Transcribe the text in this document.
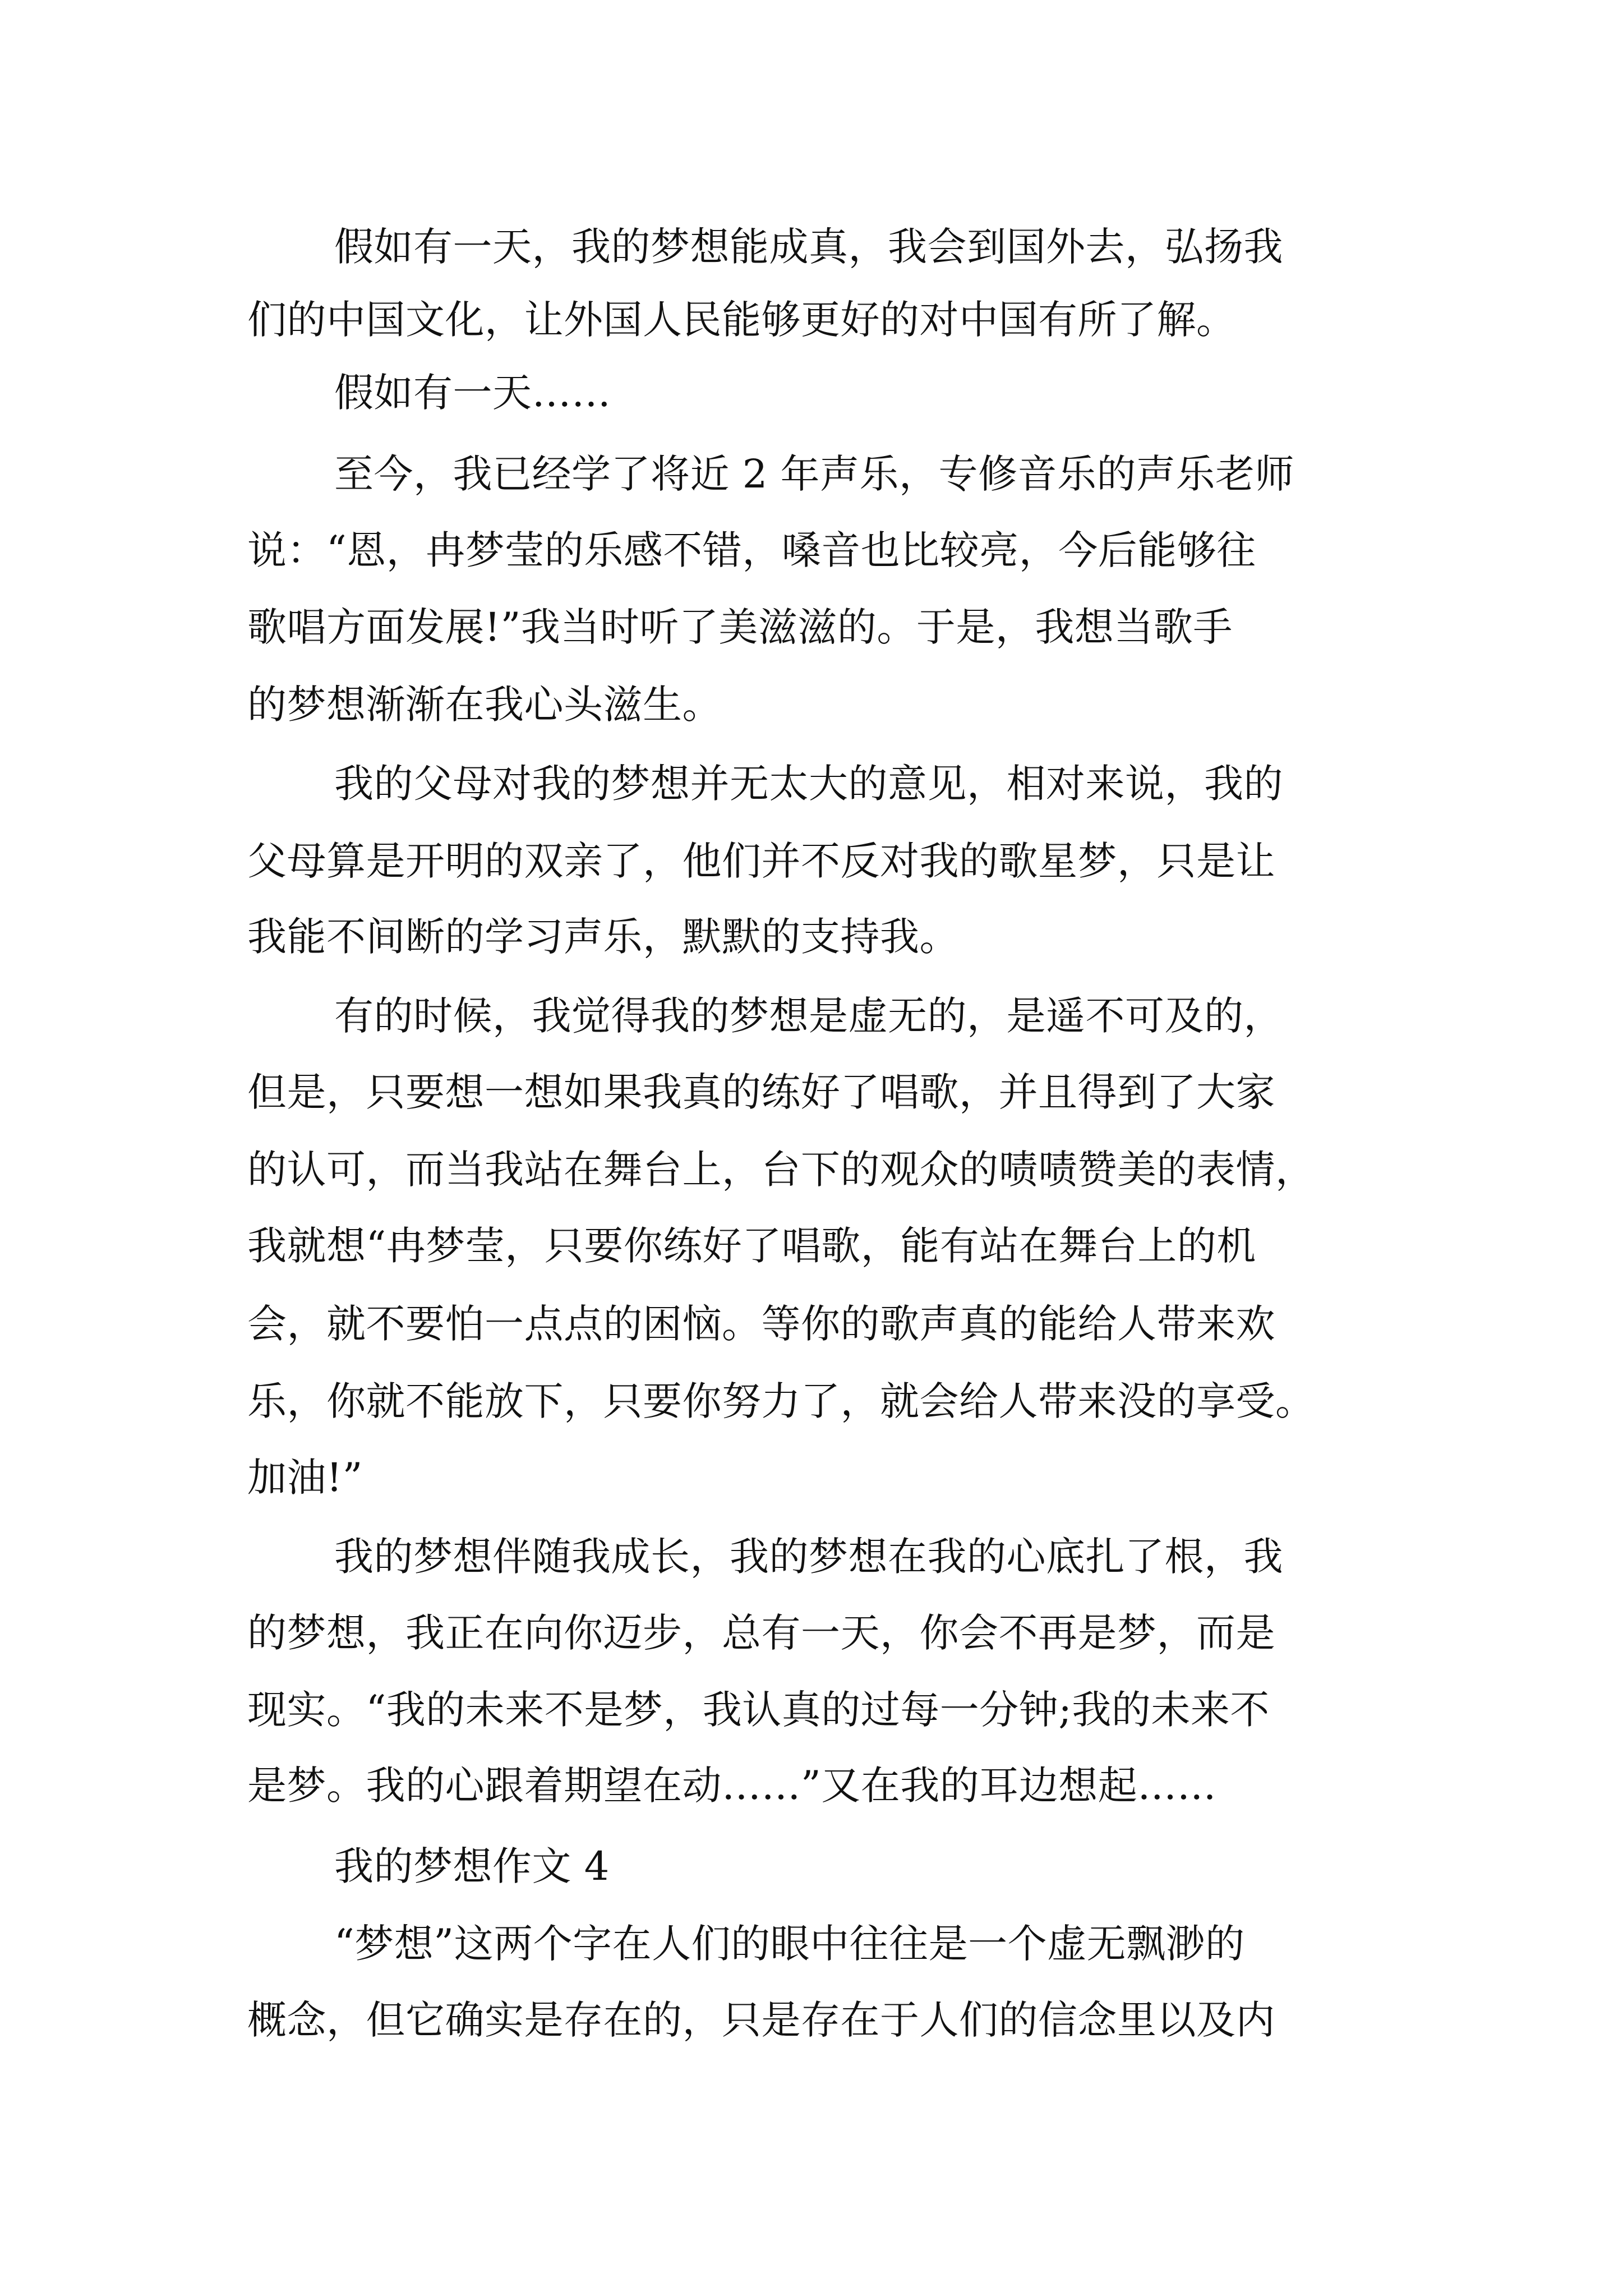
假如有一天，我的梦想能成真，我会到国外去，弘扬我
们的中国文化，让外国人民能够更好的对中国有所了解。
假如有一天……
至今，我已经学了将近 2 年声乐，专修音乐的声乐老师
说：“恩，冉梦莹的乐感不错，嗓音也比较亮，今后能够往
歌唱方面发展!”我当时听了美滋滋的。于是，我想当歌手
的梦想渐渐在我心头滋生。
我的父母对我的梦想并无太大的意见，相对来说，我的
父母算是开明的双亲了，他们并不反对我的歌星梦，只是让
我能不间断的学习声乐，默默的支持我。
有的时候，我觉得我的梦想是虚无的，是遥不可及的，
但是，只要想一想如果我真的练好了唱歌，并且得到了大家
的认可，而当我站在舞台上，台下的观众的啧啧赞美的表情，
我就想“冉梦莹，只要你练好了唱歌，能有站在舞台上的机
会，就不要怕一点点的困恼。等你的歌声真的能给人带来欢
乐，你就不能放下，只要你努力了，就会给人带来没的享受。
加油!”
我的梦想伴随我成长，我的梦想在我的心底扎了根，我
的梦想，我正在向你迈步，总有一天，你会不再是梦，而是
现实。“我的未来不是梦，我认真的过每一分钟;我的未来不
是梦。我的心跟着期望在动……”又在我的耳边想起……
我的梦想作文 4
“梦想”这两个字在人们的眼中往往是一个虚无飘渺的
概念，但它确实是存在的，只是存在于人们的信念里以及内
